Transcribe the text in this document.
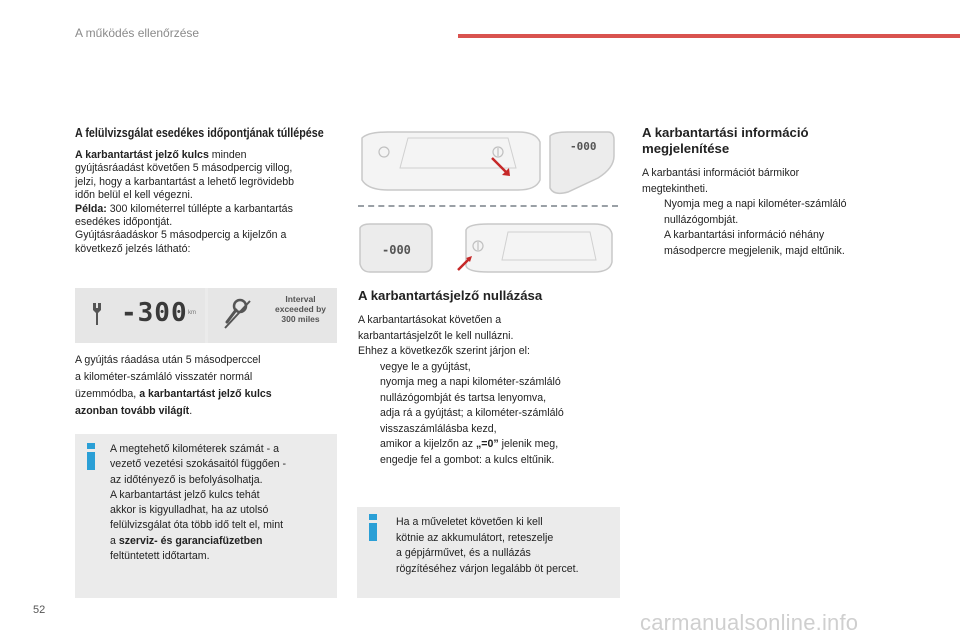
A működés ellenőrzése
A felülvizsgálat esedékes időpontjának túllépése
A karbantartást jelző kulcs minden
gyújtásráadást követően 5 másodpercig villog,
jelzi, hogy a karbantartást a lehető legrövidebb
időn belül el kell végezni.
Példa: 300 kilométerrel túllépte a karbantartás
esedékes időpontját.
Gyújtásráadáskor 5 másodpercig a kijelzőn a
következő jelzés látható:
-300 km
Interval
exceeded by
300 miles
A gyújtás ráadása után 5 másodperccel
a kilométer-számláló visszatér normál
üzemmódba, a karbantartást jelző kulcs
azonban tovább világít.
A megtehető kilométerek számát - a
vezető vezetési szokásaitól függően -
az időtényező is befolyásolhatja.
A karbantartást jelző kulcs tehát
akkor is kigyulladhat, ha az utolsó
felülvizsgálat óta több idő telt el, mint
a szerviz- és garanciafüzetben
feltüntetett időtartam.
-000
-000
A karbantartásjelző nullázása
A karbantartásokat követően a
karbantartásjelzőt le kell nullázni.
Ehhez a következők szerint járjon el:
vegye le a gyújtást,
nyomja meg a napi kilométer-számláló
nullázógombját és tartsa lenyomva,
adja rá a gyújtást; a kilométer-számláló
visszaszámlálásba kezd,
amikor a kijelzőn az „=0” jelenik meg,
engedje fel a gombot: a kulcs eltűnik.
Ha a műveletet követően ki kell
kötnie az akkumulátort, reteszelje
a gépjárművet, és a nullázás
rögzítéséhez várjon legalább öt percet.
A karbantartási információ
megjelenítése
A karbantási információt bármikor
megtekintheti.
Nyomja meg a napi kilométer-számláló
nullázógombját.
A karbantartási információ néhány
másodpercre megjelenik, majd eltűnik.
52	carmanualsonline.info
